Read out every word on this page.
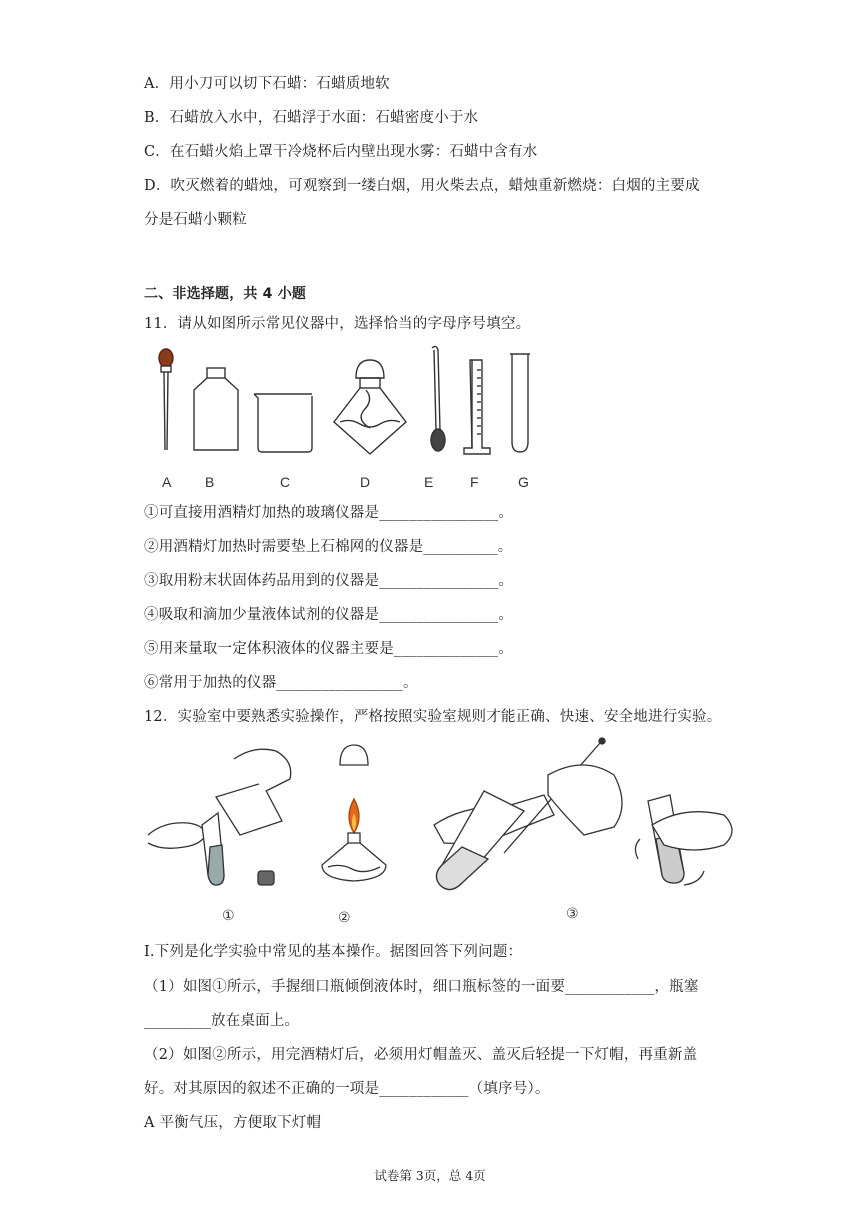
A．用小刀可以切下石蜡：石蜡质地软
B．石蜡放入水中，石蜡浮于水面：石蜡密度小于水
C．在石蜡火焰上罩干冷烧杯后内壁出现水雾：石蜡中含有水
D．吹灭燃着的蜡烛，可观察到一缕白烟，用火柴去点，蜡烛重新燃烧：白烟的主要成
分是石蜡小颗粒
二、非选择题，共 4 小题
11．请从如图所示常见仪器中，选择恰当的字母序号填空。
A B	C	D	E	F	G
①可直接用酒精灯加热的玻璃仪器是________________。
②用酒精灯加热时需要垫上石棉网的仪器是__________。
③取用粉末状固体药品用到的仪器是________________。
④吸取和滴加少量液体试剂的仪器是________________。
⑤用来量取一定体积液体的仪器主要是______________。
⑥常用于加热的仪器_________________。
12．实验室中要熟悉实验操作，严格按照实验室规则才能正确、快速、安全地进行实验。
①	②	③
Ⅰ.下列是化学实验中常见的基本操作。据图回答下列问题：
（1）如图①所示，手握细口瓶倾倒液体时，细口瓶标签的一面要____________，瓶塞
_________放在桌面上。
（2）如图②所示，用完酒精灯后，必须用灯帽盖灭、盖灭后轻提一下灯帽，再重新盖
好。对其原因的叙述不正确的一项是____________（填序号）。
A 平衡气压，方便取下灯帽
试卷第 3页，总 4页
